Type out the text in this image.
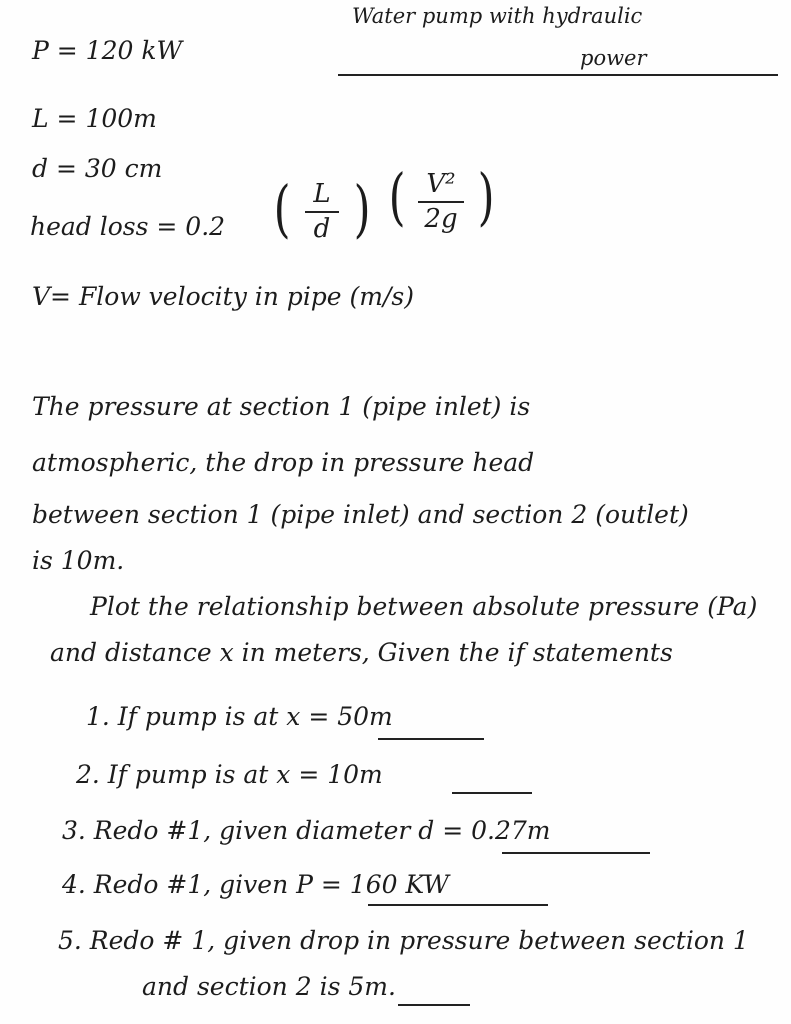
Water pump with hydraulic
power
P = 120 kW
L = 100m
d = 30 cm
head loss = 0.2 ( L
d ) ( V²
2g )
V= Flow velocity in pipe (m/s)
The pressure at section 1 (pipe inlet) is
atmospheric, the drop in pressure head
between section 1 (pipe inlet) and section 2 (outlet)
is 10m.
Plot the relationship between absolute pressure (Pa)
and distance x in meters, Given the if statements
1. If pump is at x = 50m
2. If pump is at x = 10m
3. Redo #1, given diameter d = 0.27m
4. Redo #1, given P = 160 KW
5. Redo # 1, given drop in pressure between section 1
and section 2 is 5m.
